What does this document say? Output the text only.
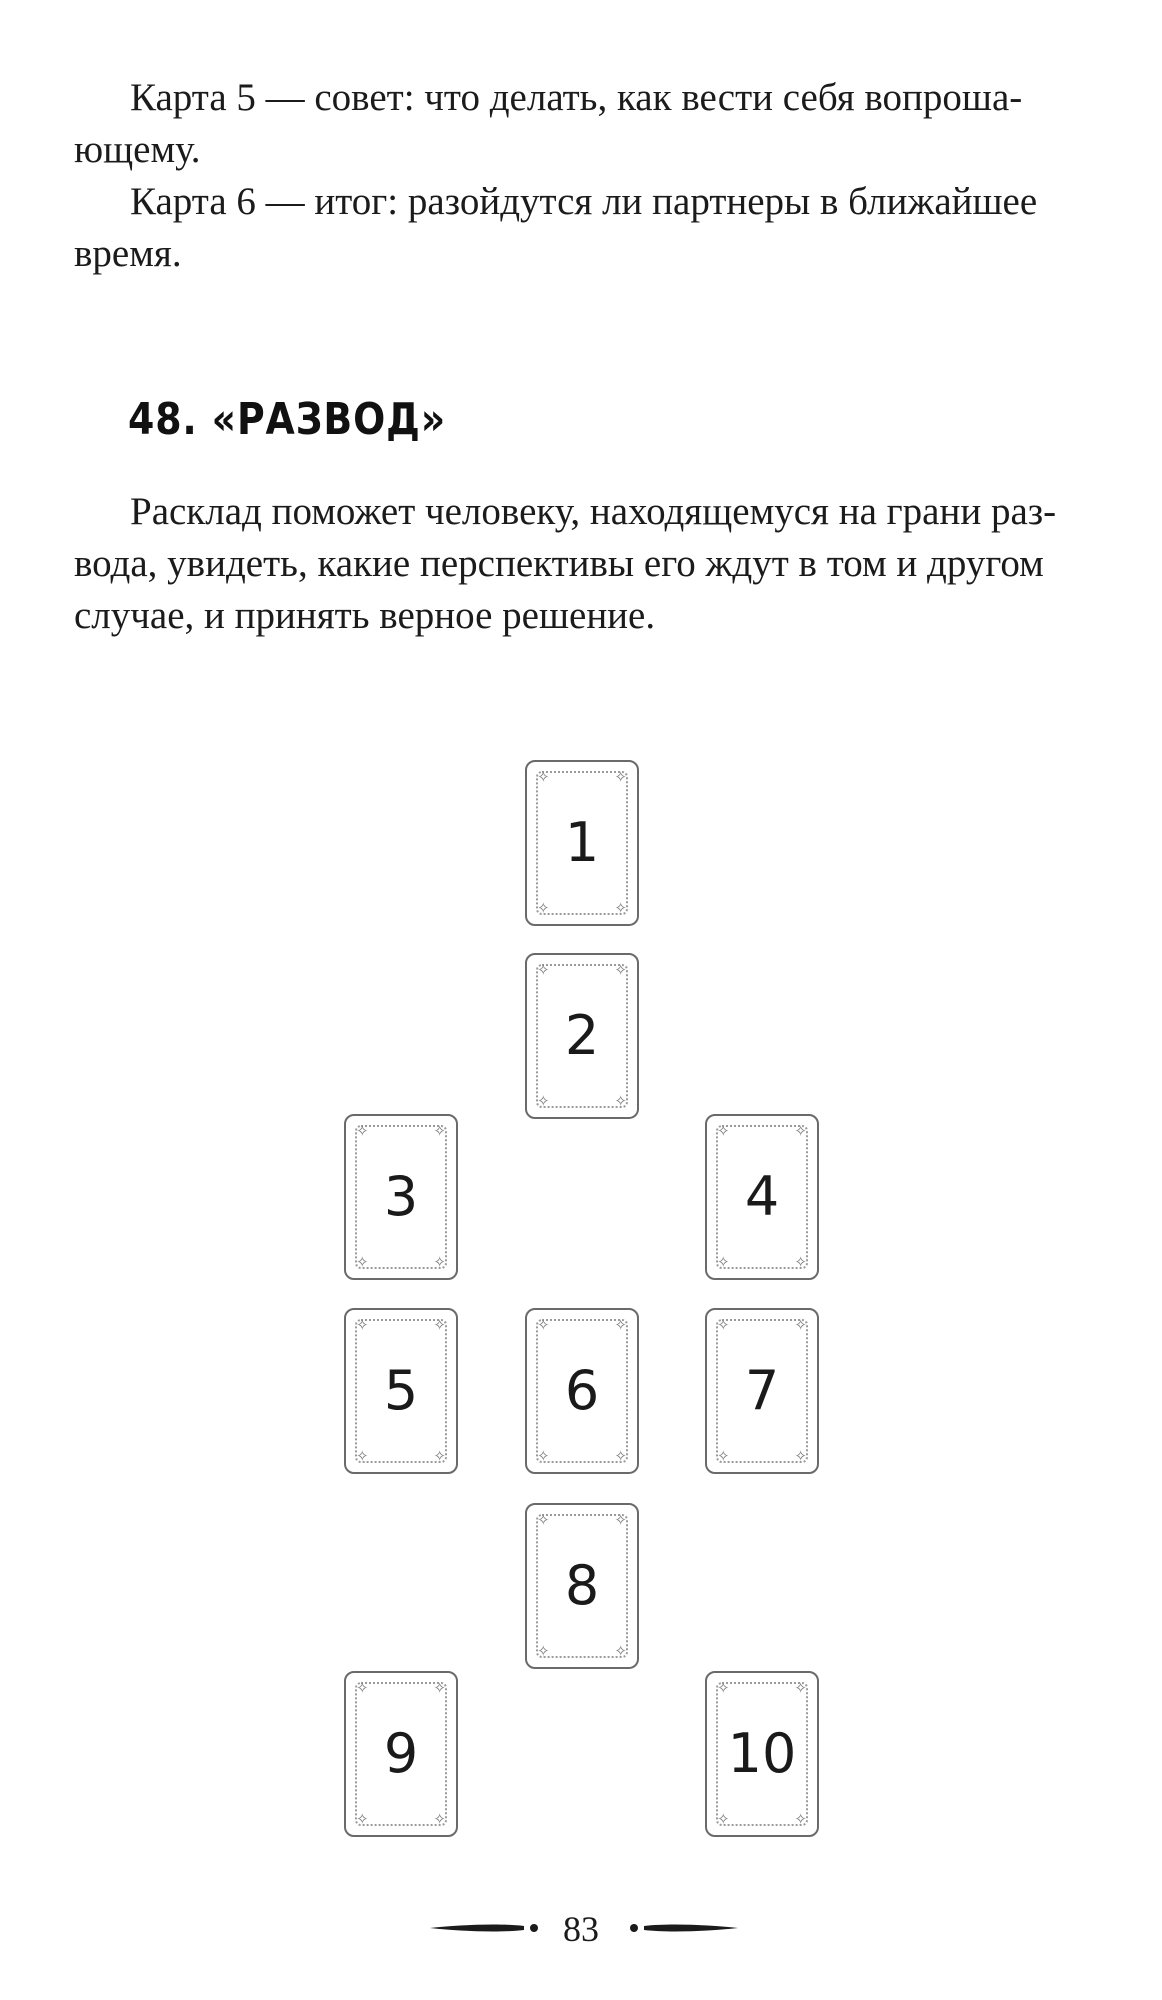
Карта 5 — совет: что делать, как вести себя вопроша-
ющему.

Карта 6 — итог: разойдутся ли партнеры в ближайшее
время.

48. «РАЗВОД»

Расклад поможет человеку, находящемуся на грани раз-
вода, увидеть, какие перспективы его ждут в том и другом
случае, и принять верное решение.

✧	✧
✧	✧
1
✧	✧
✧	✧
2
✧	✧
✧	✧
3
✧	✧
✧	✧
4
✧	✧
✧	✧
5
✧	✧
✧	✧
6
✧	✧
✧	✧
7
✧	✧
✧	✧
8
✧	✧
✧	✧
9
✧	✧
✧	✧
10
83
